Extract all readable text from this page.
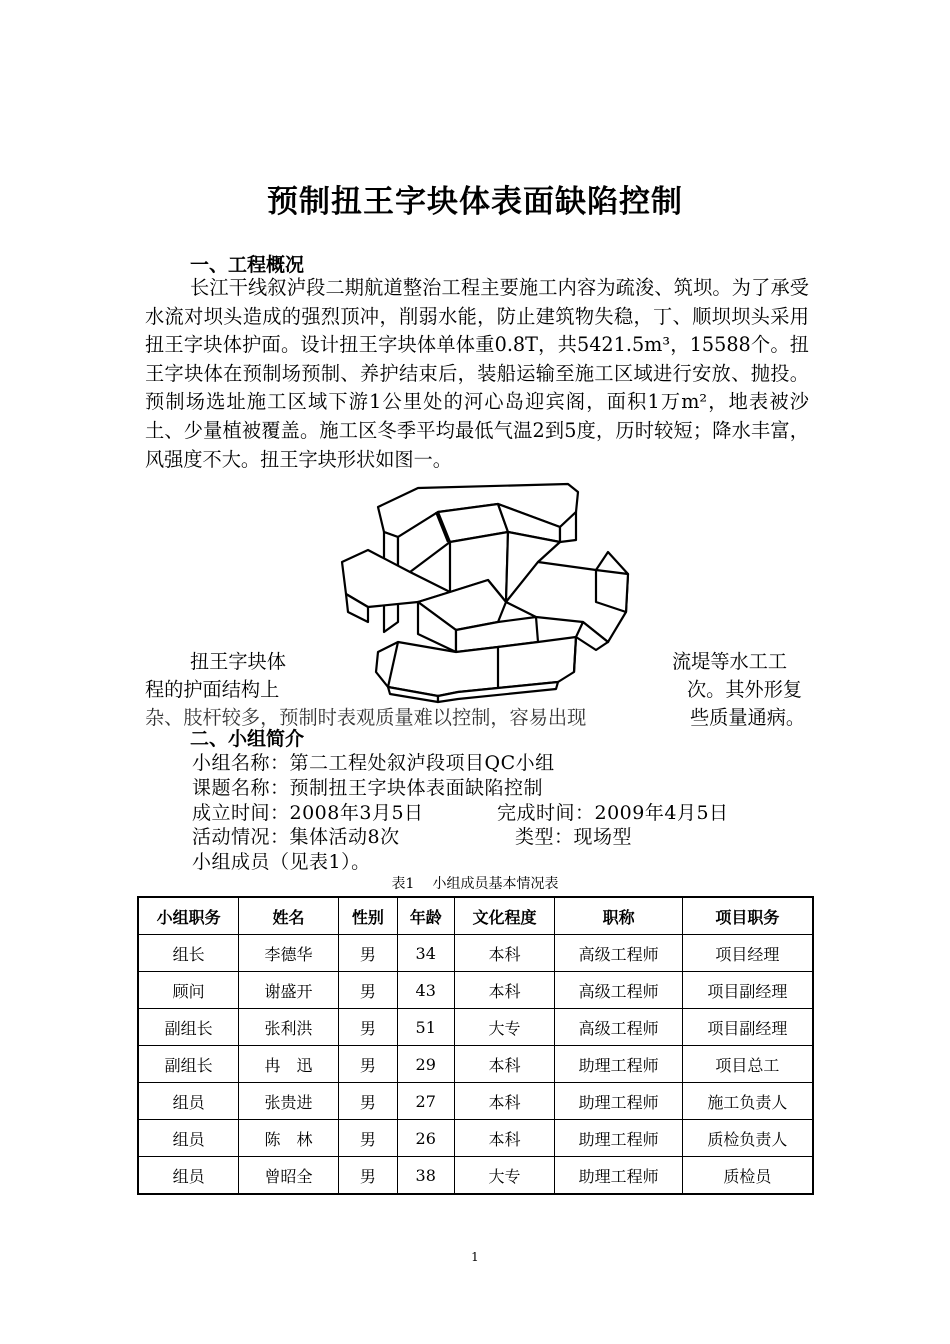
预制扭王字块体表面缺陷控制
一、工程概况

长江干线叙泸段二期航道整治工程主要施工内容为疏浚、筑坝。为了承受水流对坝头造成的强烈顶冲，削弱水能，防止建筑物失稳，丁、顺坝坝头采用扭王字块体护面。设计扭王字块体单体重0.8T，共5421.5m³，15588个。扭王字块体在预制场预制、养护结束后，装船运输至施工区域进行安放、抛投。预制场选址施工区域下游1公里处的河心岛迎宾阁，面积1万m²，地表被沙土、少量植被覆盖。施工区冬季平均最低气温2到5度，历时较短；降水丰富，风强度不大。扭王字块形状如图一。

扭王字块体	流堤等水工工
程的护面结构上	次。其外形复
杂、肢杆较多，预制时表观质量难以控制，容易出现	些质量通病。
二、小组简介
小组名称：第二工程处叙泸段项目QC小组
课题名称：预制扭王字块体表面缺陷控制
成立时间：2008年3月5日	完成时间：2009年4月5日
活动情况：集体活动8次	类型：现场型
小组成员（见表1）。
表1 小组成员基本情况表
小组职务	姓名	性别	年龄	文化程度	职称	项目职务
组长	李德华	男	34	本科	高级工程师	项目经理
顾问	谢盛开	男	43	本科	高级工程师	项目副经理
副组长	张利洪	男	51	大专	高级工程师	项目副经理
副组长	冉　迅	男	29	本科	助理工程师	项目总工
组员	张贵进	男	27	本科	助理工程师	施工负责人
组员	陈　林	男	26	本科	助理工程师	质检负责人
组员	曾昭全	男	38	大专	助理工程师	质检员
1
